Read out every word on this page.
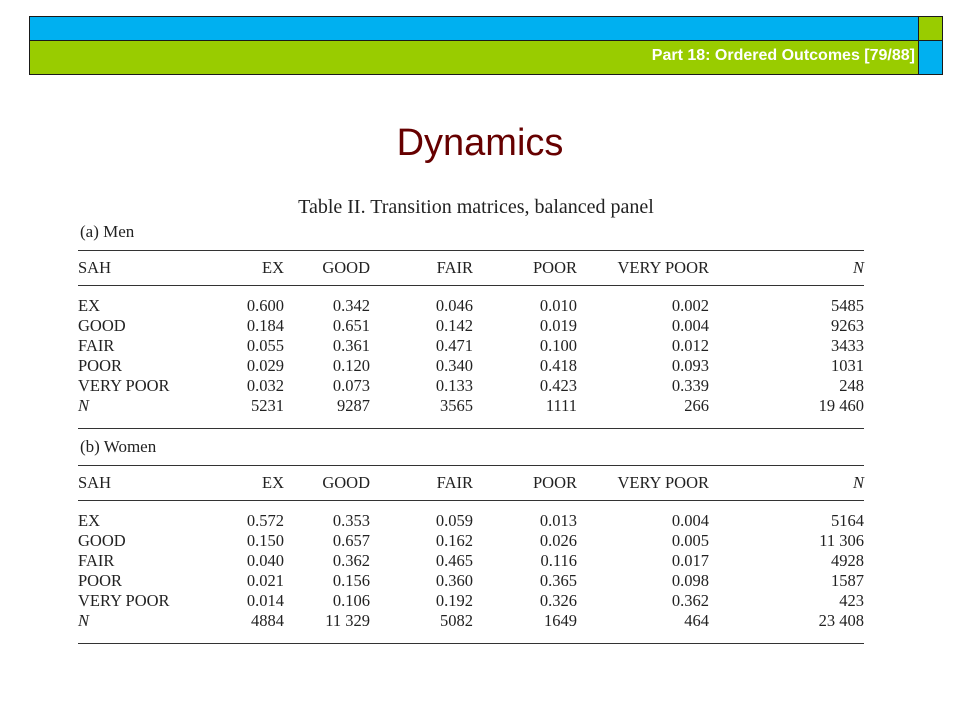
Part 18: Ordered Outcomes [79/88]
Dynamics
Table II. Transition matrices, balanced panel
(a) Men
SAH	EX	GOOD	FAIR	POOR	VERY POOR	N
EX	0.600	0.342	0.046	0.010	0.002	5485
GOOD	0.184	0.651	0.142	0.019	0.004	9263
FAIR	0.055	0.361	0.471	0.100	0.012	3433
POOR	0.029	0.120	0.340	0.418	0.093	1031
VERY POOR	0.032	0.073	0.133	0.423	0.339	248
N	5231	9287	3565	1111	266	19 460
(b) Women
SAH	EX	GOOD	FAIR	POOR	VERY POOR	N
EX	0.572	0.353	0.059	0.013	0.004	5164
GOOD	0.150	0.657	0.162	0.026	0.005	11 306
FAIR	0.040	0.362	0.465	0.116	0.017	4928
POOR	0.021	0.156	0.360	0.365	0.098	1587
VERY POOR	0.014	0.106	0.192	0.326	0.362	423
N	4884	11 329	5082	1649	464	23 408
